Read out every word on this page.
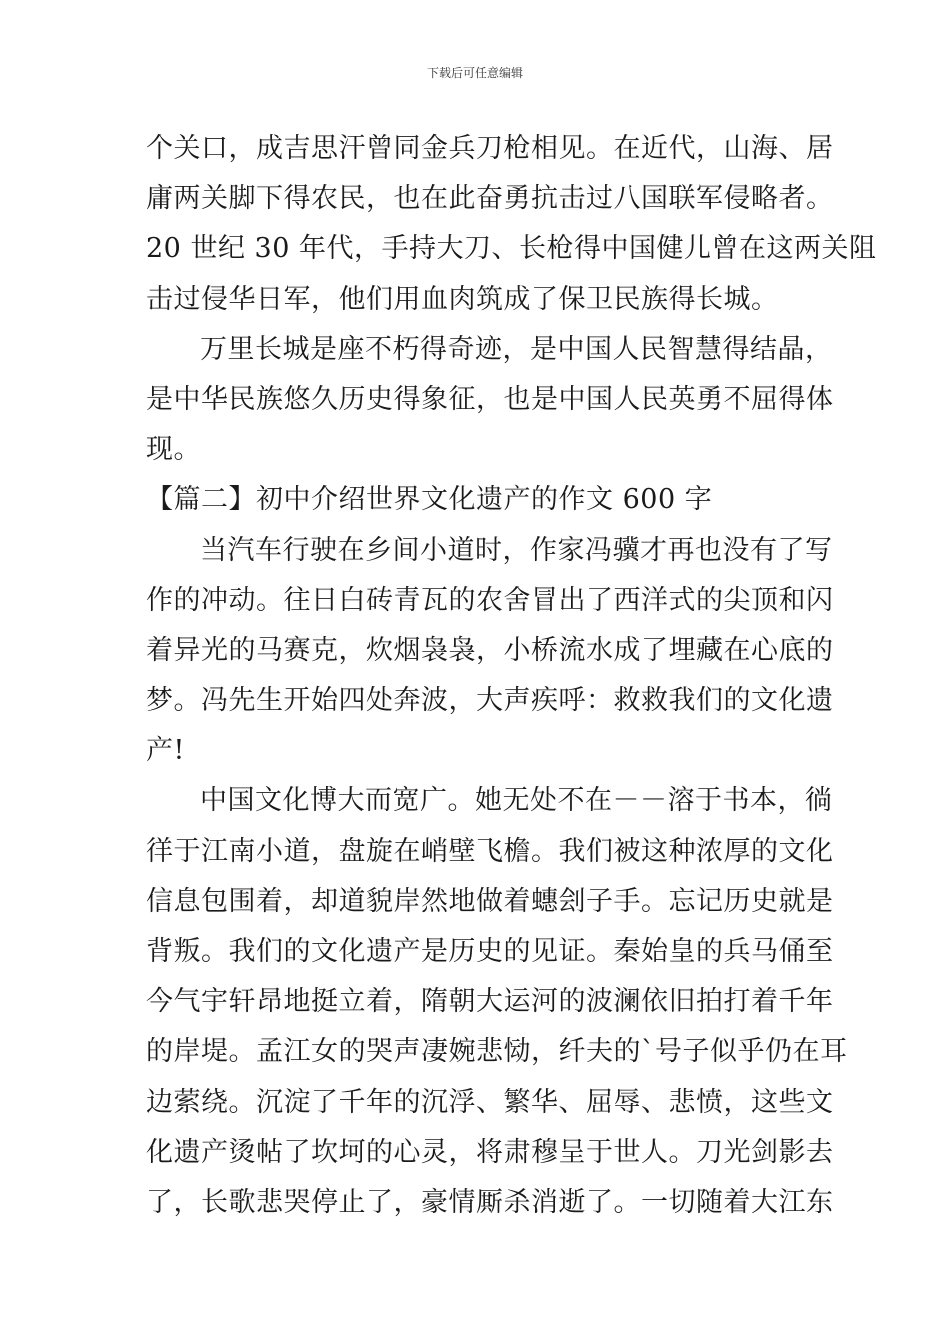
下载后可任意编辑
个关口，成吉思汗曾同金兵刀枪相见。在近代，山海、居
庸两关脚下得农民，也在此奋勇抗击过八国联军侵略者。
20 世纪 30 年代，手持大刀、长枪得中国健儿曾在这两关阻
击过侵华日军，他们用血肉筑成了保卫民族得长城。
万里长城是座不朽得奇迹，是中国人民智慧得结晶，
是中华民族悠久历史得象征，也是中国人民英勇不屈得体
现。
【篇二】初中介绍世界文化遗产的作文 600 字
当汽车行驶在乡间小道时，作家冯骥才再也没有了写
作的冲动。往日白砖青瓦的农舍冒出了西洋式的尖顶和闪
着异光的马赛克，炊烟袅袅，小桥流水成了埋藏在心底的
梦。冯先生开始四处奔波，大声疾呼：救救我们的文化遗
产!
中国文化博大而宽广。她无处不在－－溶于书本，徜
徉于江南小道，盘旋在峭壁飞檐。我们被这种浓厚的文化
信息包围着，却道貌岸然地做着蟪刽子手。忘记历史就是
背叛。我们的文化遗产是历史的见证。秦始皇的兵马俑至
今气宇轩昂地挺立着，隋朝大运河的波澜依旧拍打着千年
的岸堤。孟江女的哭声凄婉悲恸，纤夫的`号子似乎仍在耳
边萦绕。沉淀了千年的沉浮、繁华、屈辱、悲愤，这些文
化遗产烫帖了坎坷的心灵，将肃穆呈于世人。刀光剑影去
了，长歌悲哭停止了，豪情厮杀消逝了。一切随着大江东
